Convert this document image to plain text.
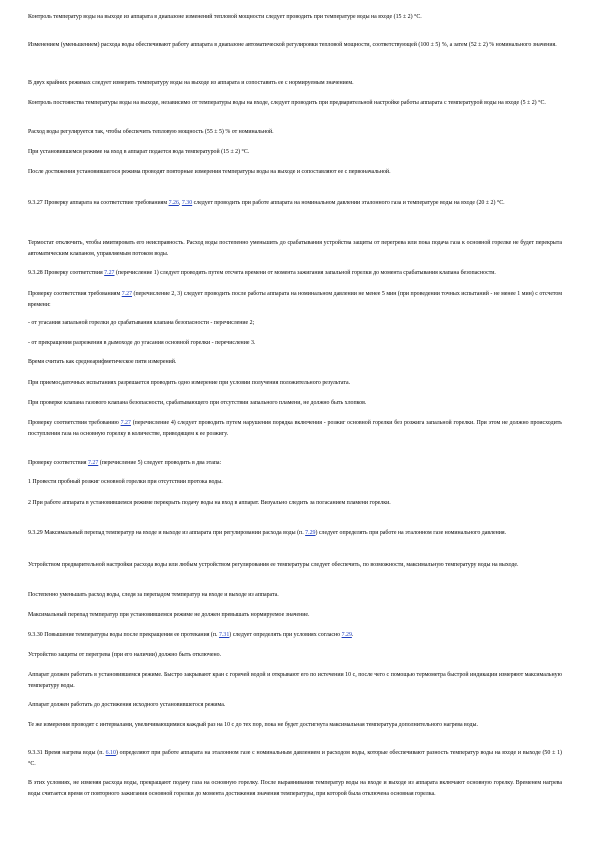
Контроль температур воды на выходе из аппарата в диапазоне изменений тепловой мощности следует проводить при температуре воды на входе (15 ± 2) °C.

Изменением (уменьшением) расхода воды обеспечивают работу аппарата в диапазоне автоматической регулировки тепловой мощности, соответствующей (100 ± 5) %, а затем (52 ± 2) % номинального значения.

В двух крайних режимах следует измерить температуру воды на выходе из аппарата и сопоставить ее с нормируемым значением.

Контроль постоянства температуры воды на выходе, независимо от температуры воды на входе, следует проводить при предварительной настройке работы аппарата с температурой воды на входе (5 ± 2) °C.

Расход воды регулируется так, чтобы обеспечить тепловую мощность (55 ± 5) % от номинальной.

При установившемся режиме на вход в аппарат подается вода температурой (15 ± 2) °C.

После достижения установившегося режима проводят повторные измерения температуры воды на выходе и сопоставляют ее с первоначальной.

9.3.27 Проверку аппарата на соответствие требованиям 7.26, 7.30 следует проводить при работе аппарата на номинальном давлении эталонного газа и температуре воды на входе (20 ± 2) °C.

Термостат отключить, чтобы имитировать его неисправность. Расход воды постепенно уменьшить до срабатывания устройства защиты от перегрева или пока подача газа к основной горелке не будет перекрыта автоматическим клапаном, управляемым потоком воды.

9.3.28 Проверку соответствия 7.27 (перечисление 1) следует проводить путем отсчета времени от момента зажигания запальной горелки до момента срабатывания клапана безопасности.

Проверку соответствия требованиям 7.27 (перечисление 2, 3) следует проводить после работы аппарата на номинальном давлении не менее 5 мин (при проведении точных испытаний - не менее 1 мин) с отсчетом времени:

- от угасания запальной горелки до срабатывания клапана безопасности - перечисление 2;

- от прекращения разрежения в дымоходе до угасания основной горелки - перечисление 3.

Время считать как среднеарифметическое пяти измерений.

При приемосдаточных испытаниях разрешается проводить одно измерение при условии получения положительного результата.

При проверке клапана газового клапана безопасности, срабатывающего при отсутствии запального пламени, не должно быть хлопков.

Проверку соответствия требованию 7.27 (перечисление 4) следует проводить путем нарушения порядка включения - розжиг основной горелки без розжига запальной горелки. При этом не должно происходить поступления газа на основную горелку в количестве, приводящем к ее розжигу.

Проверку соответствия 7.27 (перечисление 5) следует проводить в два этапа:

1 Провести пробный розжиг основной горелки при отсутствии протока воды.

2 При работе аппарата в установившемся режиме перекрыть подачу воды на вход в аппарат. Визуально следить за погасанием пламени горелки.

9.3.29 Максимальный перепад температур на входе и выходе из аппарата при регулировании расхода воды (п. 7.29) следует определять при работе на эталонном газе номинального давления.

Устройством предварительной настройки расхода воды или любым устройством регулирования ее температуры следует обеспечить, по возможности, максимальную температуру воды на выходе.

Постепенно уменьшать расход воды, следя за перепадом температур на входе и выходе из аппарата.

Максимальный перепад температур при установившемся режиме не должен превышать нормируемое значение.

9.3.30 Повышение температуры воды после прекращения ее протекания (п. 7.31) следует определять при условиях согласно 7.29.

Устройство защиты от перегрева (при его наличии) должно быть отключено.

Аппарат должен работать в установившемся режиме. Быстро закрывают кран с горячей водой и открывают его по истечении 10 с, после чего с помощью термометра быстрой индикации измеряют максимальную температуру воды.

Аппарат должен работать до достижения исходного установившегося режима.

Те же измерения проводят с интервалами, увеличивающимися каждый раз на 10 с до тех пор, пока не будет достигнута максимальная температура дополнительного нагрева воды.

9.3.31 Время нагрева воды (п. 6.10) определяют при работе аппарата на эталонном газе с номинальным давлением и расходом воды, которые обеспечивают разность температур воды на входе и выходе (50 ± 1) °C.

В этих условиях, не изменяя расхода воды, прекращают подачу газа на основную горелку. После выравнивания температур воды на входе и выходе из аппарата включают основную горелку. Временем нагрева воды считается время от повторного зажигания основной горелки до момента достижения значения температуры, при которой была отключена основная горелка.
